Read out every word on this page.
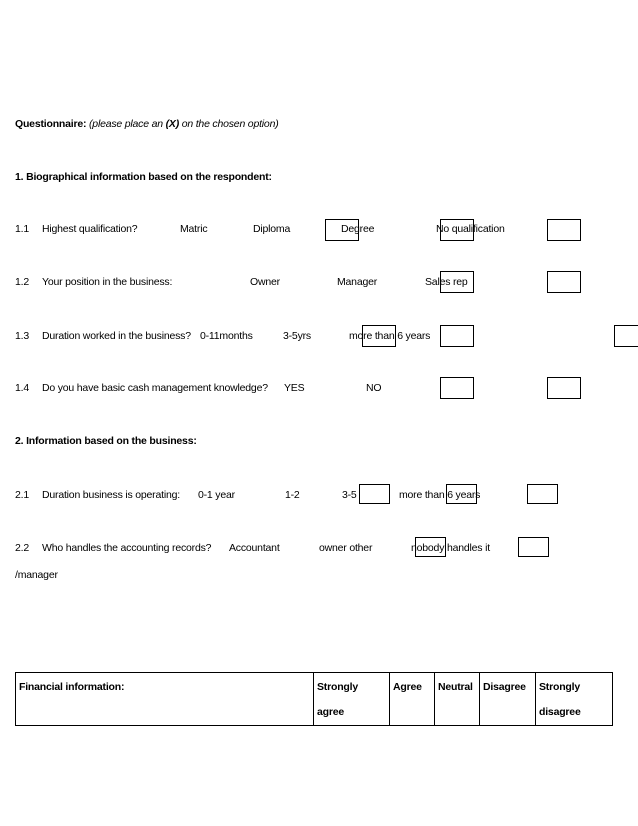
Questionnaire: (please place an (X) on the chosen option)
1. Biographical information based on the respondent:
1.1 Highest qualification?	Matric	Diploma	Degree	No qualification
1.2 Your position in the business:	Owner	Manager	Sales rep
1.3 Duration worked in the business? 0-11months	3-5yrs	more than 6 years
1.4 Do you have basic cash management knowledge? YES	NO
2. Information based on the business:
2.1 Duration business is operating: 0-1 year	1-2	3-5	more than 6 years
2.2 Who handles the accounting records? Accountant	owner other	nobody handles it
/manager
Financial information:	Strongly agree	Agree	Neutral	Disagree	Strongly disagree
